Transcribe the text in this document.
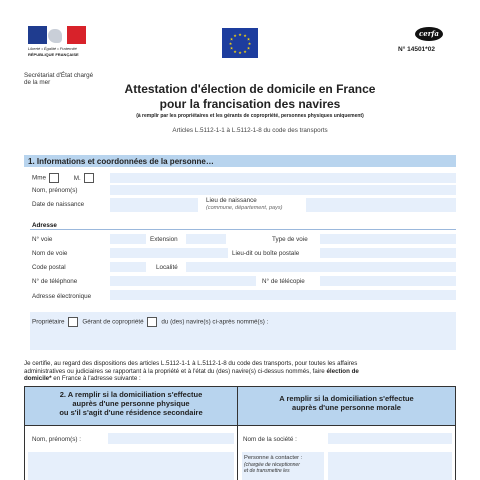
Liberté • Égalité • Fraternité
RÉPUBLIQUE FRANÇAISE
★ ★
★
★
★
★
★
★
★
★
★
★	cerfa
N° 14501*02
Secrétariat d'État chargé de la mer	Attestation d'élection de domicile en France
pour la francisation des navires
(à remplir par les propriétaires et les gérants de copropriété, personnes physiques uniquement)
Articles L.5112-1-1 à L.5112-1-8 du code des transports
1. Informations et coordonnées de la personne…
Mme	M.
Nom, prénom(s)
Date de naissance
Lieu de naissance
(commune, département, pays)
Adresse
N° voie	Extension	Type de voie
Nom de voie	Lieu-dit ou boîte postale
Code postal	Localité
N° de téléphone	N° de télécopie
Adresse électronique
Propriétaire	Gérant de copropriété	du (des) navire(s) ci-après nommé(s) :
Je certifie, au regard des dispositions des articles L.5112-1-1 à L.5112-1-8 du code des transports, pour toutes les affaires
administratives ou judiciaires se rapportant à la propriété et à l'état du (des) navire(s) ci-dessus nommés, faire élection de
domicile* en France à l'adresse suivante :
2. A remplir si la domiciliation s'effectue
auprès d'une personne physique
ou s'il s'agit d'une résidence secondaire
Nom, prénom(s) :
A remplir si la domiciliation s'effectue
auprès d'une personne morale
Nom de la société :
Personne à contacter :
(chargée de réceptionner
et de transmettre les
